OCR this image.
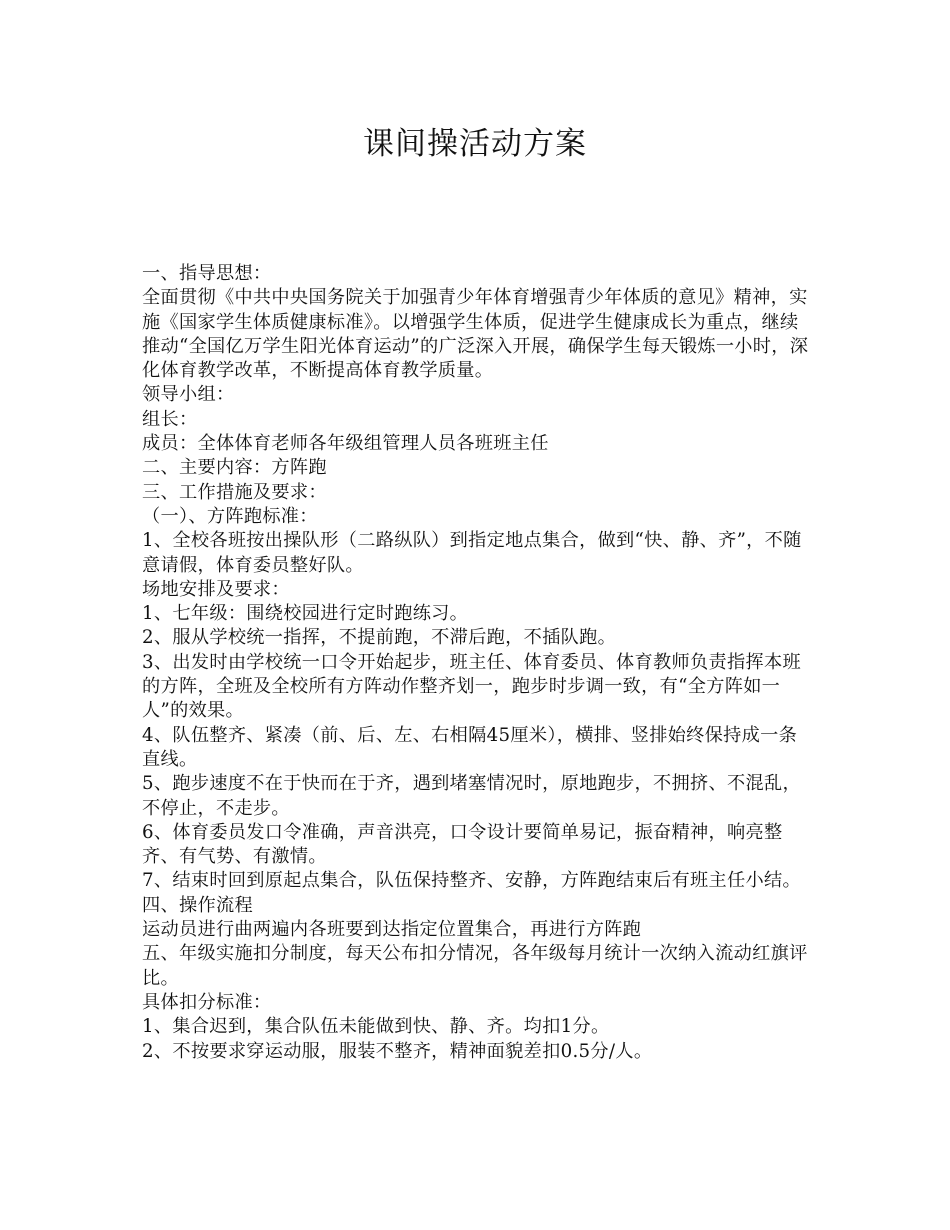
课间操活动方案

一、指导思想：

全面贯彻《中共中央国务院关于加强青少年体育增强青少年体质的意见》精神，实施《国家学生体质健康标准》。以增强学生体质，促进学生健康成长为重点，继续推动“全国亿万学生阳光体育运动”的广泛深入开展，确保学生每天锻炼一小时，深化体育教学改革，不断提高体育教学质量。

领导小组：

组长：

成员：全体体育老师各年级组管理人员各班班主任

二、主要内容：方阵跑

三、工作措施及要求：

（一）、方阵跑标准：

1、全校各班按出操队形（二路纵队）到指定地点集合，做到“快、静、齐”，不随意请假，体育委员整好队。

场地安排及要求：

1、七年级：围绕校园进行定时跑练习。

2、服从学校统一指挥，不提前跑，不滞后跑，不插队跑。

3、出发时由学校统一口令开始起步，班主任、体育委员、体育教师负责指挥本班的方阵，全班及全校所有方阵动作整齐划一，跑步时步调一致，有“全方阵如一人”的效果。

4、队伍整齐、紧凑（前、后、左、右相隔45厘米），横排、竖排始终保持成一条直线。

5、跑步速度不在于快而在于齐，遇到堵塞情况时，原地跑步，不拥挤、不混乱，不停止，不走步。

6、体育委员发口令准确，声音洪亮，口令设计要简单易记，振奋精神，响亮整齐、有气势、有激情。

7、结束时回到原起点集合，队伍保持整齐、安静，方阵跑结束后有班主任小结。

四、操作流程

运动员进行曲两遍内各班要到达指定位置集合，再进行方阵跑

五、年级实施扣分制度，每天公布扣分情况，各年级每月统计一次纳入流动红旗评比。

具体扣分标准：

1、集合迟到，集合队伍未能做到快、静、齐。均扣1分。

2、不按要求穿运动服，服装不整齐，精神面貌差扣0.5分/人。
